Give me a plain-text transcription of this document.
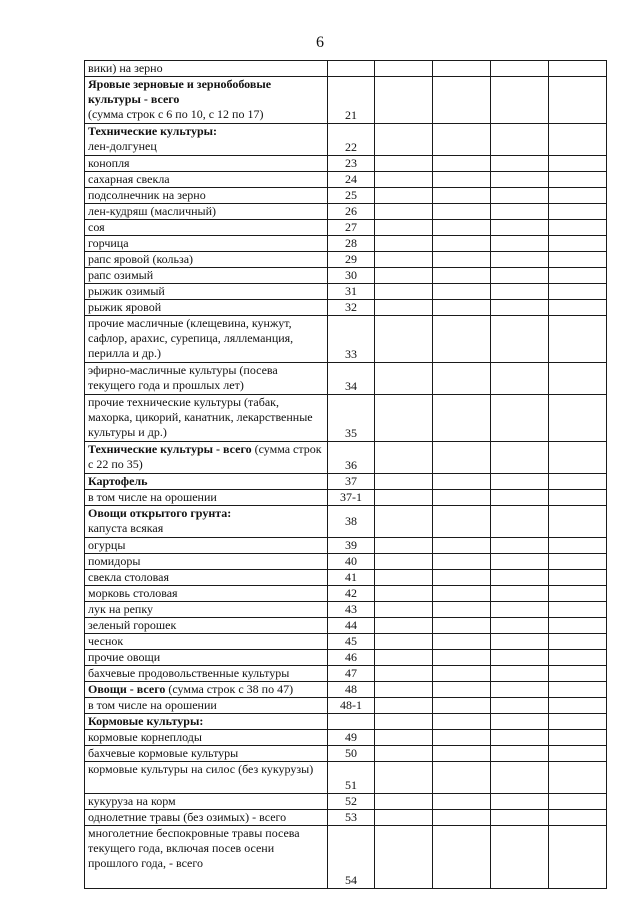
6
вики) на зерно					
Яровые зерновые и зернобобовые культуры - всего
(сумма строк с 6 по 10, с 12 по 17)	21				
Технические культуры:
лен-долгунец	22				
конопля	23				
сахарная свекла	24				
подсолнечник на зерно	25				
лен-кудряш (масличный)	26				
соя	27				
горчица	28				
рапс яровой (кольза)	29				
рапс озимый	30				
рыжик озимый	31				
рыжик яровой	32				
прочие масличные (клещевина, кунжут, сафлор, арахис, сурепица, ляллеманция, перилла и др.)	33				
эфирно-масличные культуры (посева текущего года и прошлых лет)	34				
прочие технические культуры (табак, махорка, цикорий, канатник, лекарственные культуры и др.)	35				
Технические культуры - всего (сумма строк с 22 по 35)	36				
Картофель	37				
в том числе на орошении	37-1				
Овощи открытого грунта:
капуста всякая	38				
огурцы	39				
помидоры	40				
свекла столовая	41				
морковь столовая	42				
лук на репку	43				
зеленый горошек	44				
чеснок	45				
прочие овощи	46				
бахчевые продовольственные культуры	47				
Овощи - всего (сумма строк с 38 по 47)	48				
в том числе на орошении	48-1				
Кормовые культуры:					
кормовые корнеплоды	49				
бахчевые кормовые культуры	50				
кормовые культуры на силос (без кукурузы)	51				
кукуруза на корм	52				
однолетние травы (без озимых) - всего	53				
многолетние беспокровные травы посева текущего года, включая посев осени прошлого года, - всего	54				
